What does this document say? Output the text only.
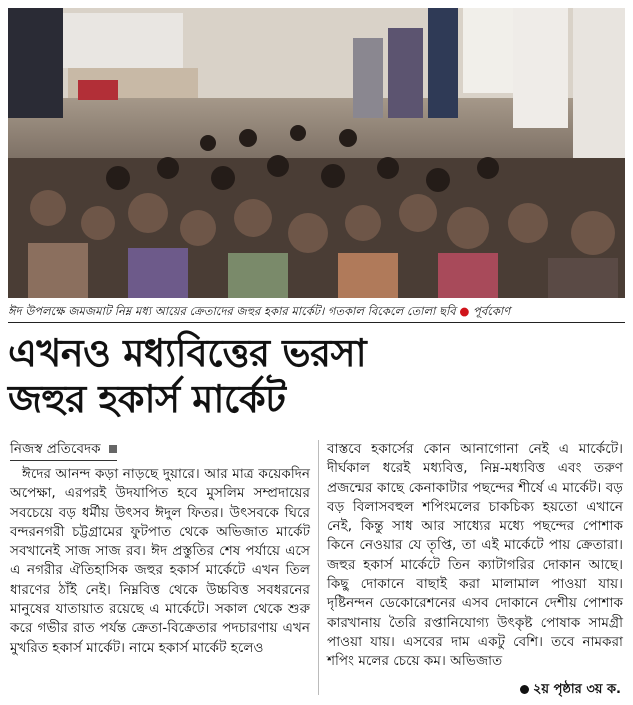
ঈদ উপলক্ষে জমজমাট নিম্ন মধ্য আয়ের ক্রেতাদের জহুর হকার মার্কেট। গতকাল বিকেলে তোলা ছবি ● পূর্বকোণ
এখনও মধ্যবিত্তের ভরসা
জহুর হকার্স মার্কেট
নিজস্ব প্রতিবেদক
ঈদের আনন্দ কড়া নাড়ছে দুয়ারে। আর মাত্র কয়েকদিন অপেক্ষা, এরপরই উদযাপিত হবে মুসলিম সম্প্রদায়ের সবচেয়ে বড় ধর্মীয় উৎসব ঈদুল ফিতর। উৎসবকে ঘিরে বন্দরনগরী চট্টগ্রামের ফুটপাত থেকে অভিজাত মার্কেট সবখানেই সাজ সাজ রব। ঈদ প্রস্তুতির শেষ পর্যায়ে এসে এ নগরীর ঐতিহাসিক জহুর হকার্স মার্কেটে এখন তিল ধারণের ঠাঁই নেই। নিম্নবিত্ত থেকে উচ্চবিত্ত সবধরনের মানুষের যাতায়াত রয়েছে এ মার্কেটে। সকাল থেকে শুরু করে গভীর রাত পর্যন্ত ক্রেতা-বিক্রেতার পদচারণায় এখন মুখরিত হকার্স মার্কেট। নামে হকার্স মার্কেট হলেও
বাস্তবে হকার্সের কোন আনাগোনা নেই এ মার্কেটে। দীর্ঘকাল ধরেই মধ্যবিত্ত, নিম্ন-মধ্যবিত্ত এবং তরুণ প্রজন্মের কাছে কেনাকাটার পছন্দের শীর্ষে এ মার্কেট। বড় বড় বিলাসবহুল শপিংমলের চাকচিক্য হয়তো এখানে নেই, কিন্তু সাধ আর সাধ্যের মধ্যে পছন্দের পোশাক কিনে নেওয়ার যে তৃপ্তি, তা এই মার্কেটে পায় ক্রেতারা। জহুর হকার্স মার্কেটে তিন ক্যাটাগরির দোকান আছে। কিছু দোকানে বাছাই করা মালামাল পাওয়া যায়। দৃষ্টিনন্দন ডেকোরেশনের এসব দোকানে দেশীয় পোশাক কারখানায় তৈরি রপ্তানিযোগ্য উৎকৃষ্ট পোষাক সামগ্রী পাওয়া যায়। এসবের দাম একটু বেশি। তবে নামকরা শপিং মলের চেয়ে কম। অভিজাত
২য় পৃষ্ঠার ৩য় ক.
